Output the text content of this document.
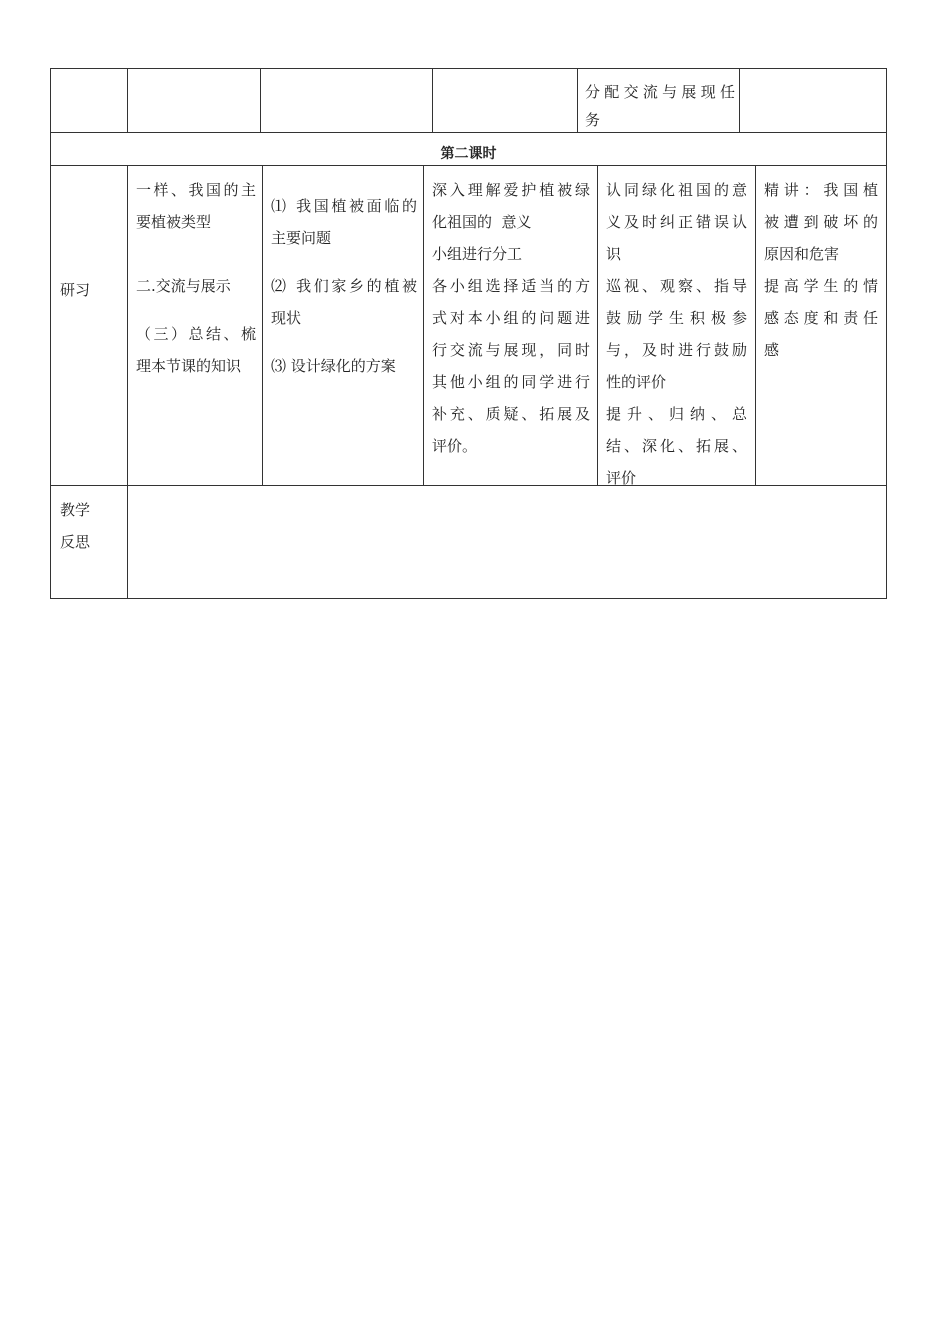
分配交流与展现任

务

第二课时
研习

一样、我国的主

要植被类型

二.交流与展示

（三）总结、梳

理本节课的知识

⑴ 我国植被面临的

主要问题

⑵ 我们家乡的植被

现状

⑶ 设计绿化的方案

深入理解爱护植被绿

化祖国的  意义

小组进行分工

各小组选择适当的方

式对本小组的问题进

行交流与展现，同时

其他小组的同学进行

补充、质疑、拓展及

评价。

认同绿化祖国的意

义及时纠正错误认

识

巡视、观察、指导

鼓励学生积极参

与，及时进行鼓励

性的评价

提升、归纳、总

结、深化、拓展、

评价

精讲：我国植

被遭到破坏的

原因和危害

提高学生的情

感态度和责任

感

教学

反思
